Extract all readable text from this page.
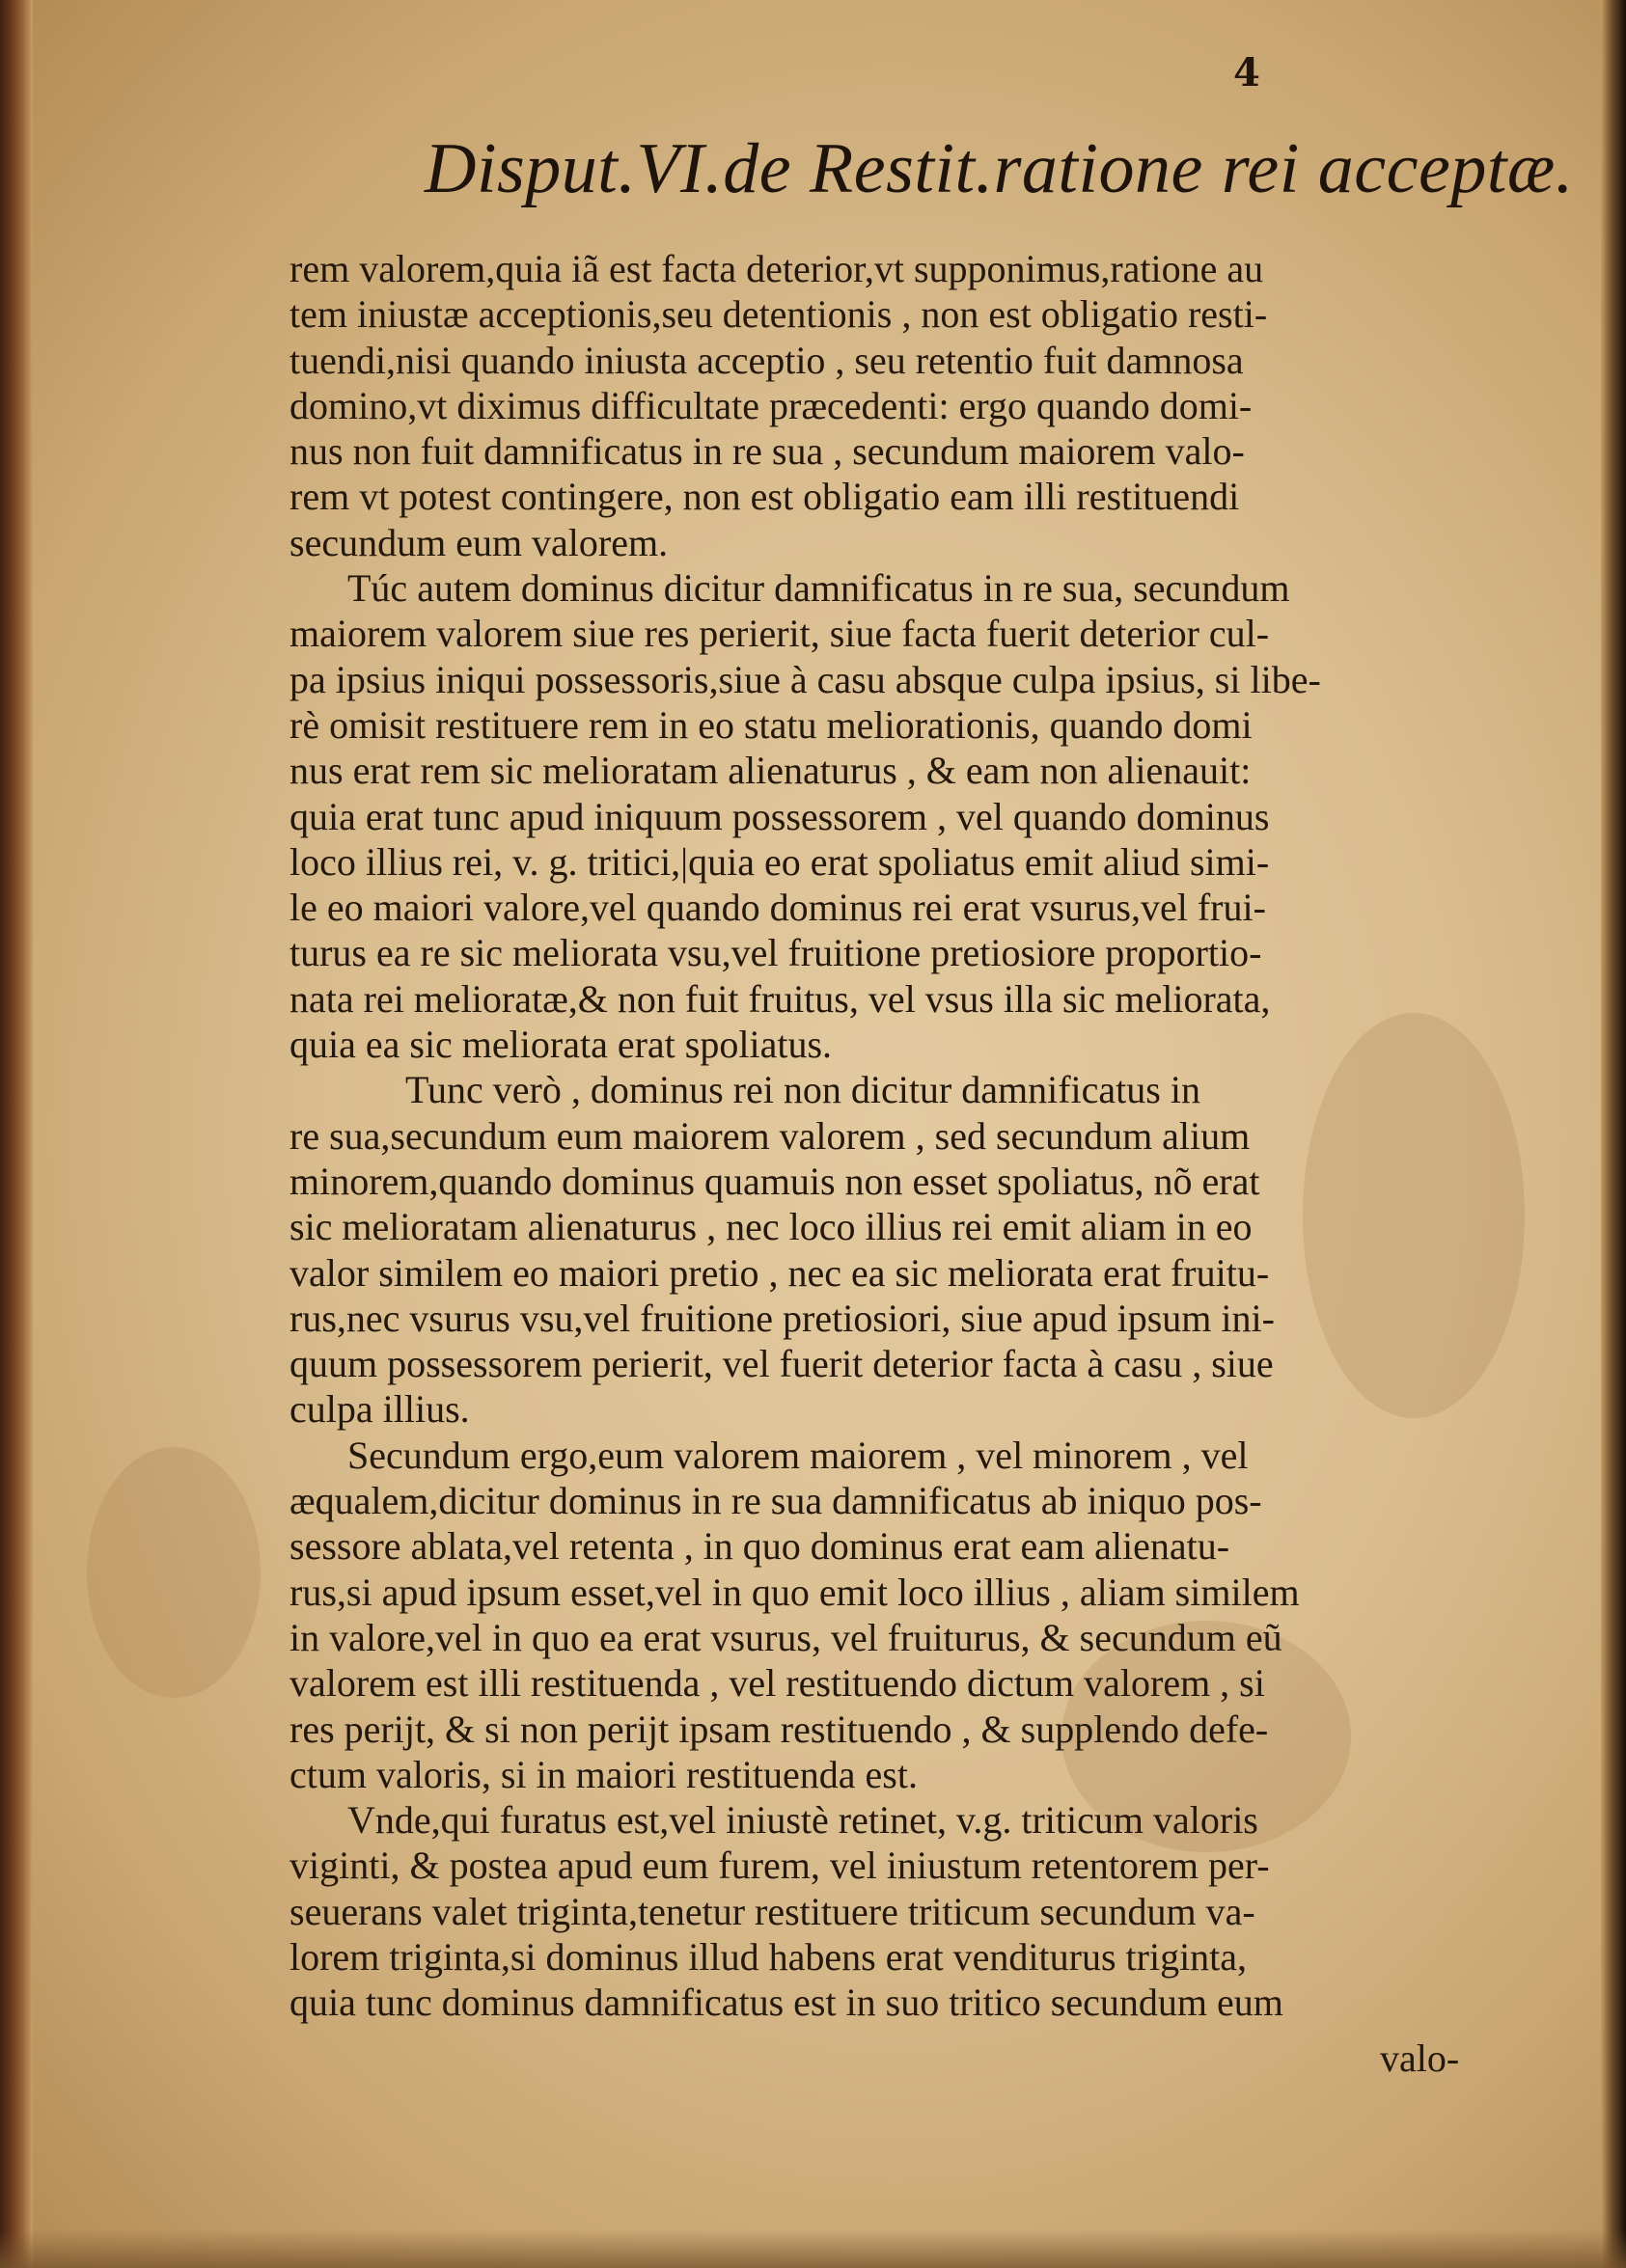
4
Disput.VI.de Restit.ratione rei acceptæ.
rem valorem,quia iã est facta deterior,vt supponimus,ratione au
tem iniustæ acceptionis,seu detentionis , non est obligatio resti-
tuendi,nisi quando iniusta acceptio , seu retentio fuit damnosa
domino,vt diximus difficultate præcedenti: ergo quando domi-
nus non fuit damnificatus in re sua , secundum maiorem valo-
rem vt potest contingere, non est obligatio eam illi restituendi
secundum eum valorem.
Túc autem dominus dicitur damnificatus in re sua, secundum
maiorem valorem siue res perierit, siue facta fuerit deterior cul-
pa ipsius iniqui possessoris,siue à casu absque culpa ipsius, si libe-
rè omisit restituere rem in eo statu meliorationis, quando domi
nus erat rem sic melioratam alienaturus , & eam non alienauit:
quia erat tunc apud iniquum possessorem , vel quando dominus
loco illius rei, v. g. tritici,|quia eo erat spoliatus emit aliud simi-
le eo maiori valore,vel quando dominus rei erat vsurus,vel frui-
turus ea re sic meliorata vsu,vel fruitione pretiosiore proportio-
nata rei melioratæ,& non fuit fruitus, vel vsus illa sic meliorata,
quia ea sic meliorata erat spoliatus.
Tunc verò , dominus rei non dicitur damnificatus in
re sua,secundum eum maiorem valorem , sed secundum alium
minorem,quando dominus quamuis non esset spoliatus, nõ erat
sic melioratam alienaturus , nec loco illius rei emit aliam in eo
valor similem eo maiori pretio , nec ea sic meliorata erat fruitu-
rus,nec vsurus vsu,vel fruitione pretiosiori, siue apud ipsum ini-
quum possessorem perierit, vel fuerit deterior facta à casu , siue
culpa illius.
Secundum ergo,eum valorem maiorem , vel minorem , vel
æqualem,dicitur dominus in re sua damnificatus ab iniquo pos-
sessore ablata,vel retenta , in quo dominus erat eam alienatu-
rus,si apud ipsum esset,vel in quo emit loco illius , aliam similem
in valore,vel in quo ea erat vsurus, vel fruiturus, & secundum eũ
valorem est illi restituenda , vel restituendo dictum valorem , si
res perijt, & si non perijt ipsam restituendo , & supplendo defe-
ctum valoris, si in maiori restituenda est.
Vnde,qui furatus est,vel iniustè retinet, v.g. triticum valoris
viginti, & postea apud eum furem, vel iniustum retentorem per-
seuerans valet triginta,tenetur restituere triticum secundum va-
lorem triginta,si dominus illud habens erat venditurus triginta,
quia tunc dominus damnificatus est in suo tritico secundum eum
valo-
